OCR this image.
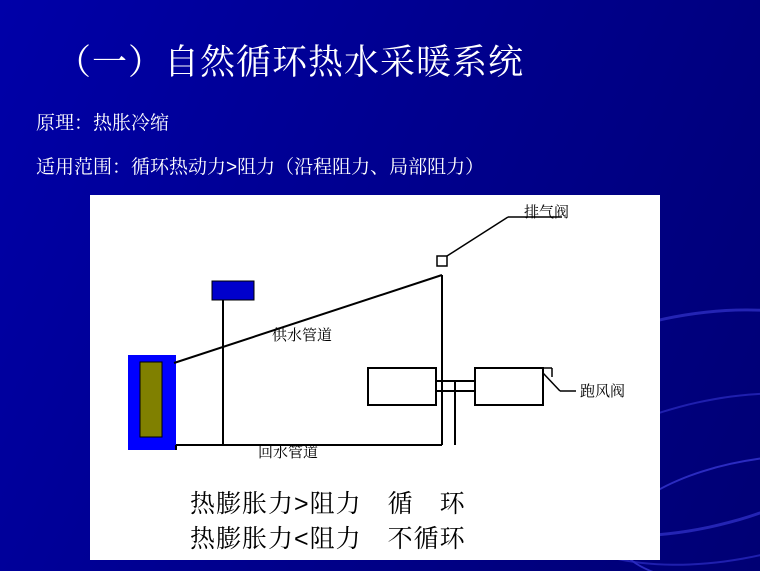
（一）自然循环热水采暖系统
原理：热胀冷缩
适用范围：循环热动力>阻力（沿程阻力、局部阻力）
供水管道
回水管道
排气阀
跑风阀
热膨胀力>阻力　循　环
热膨胀力<阻力　不循环
